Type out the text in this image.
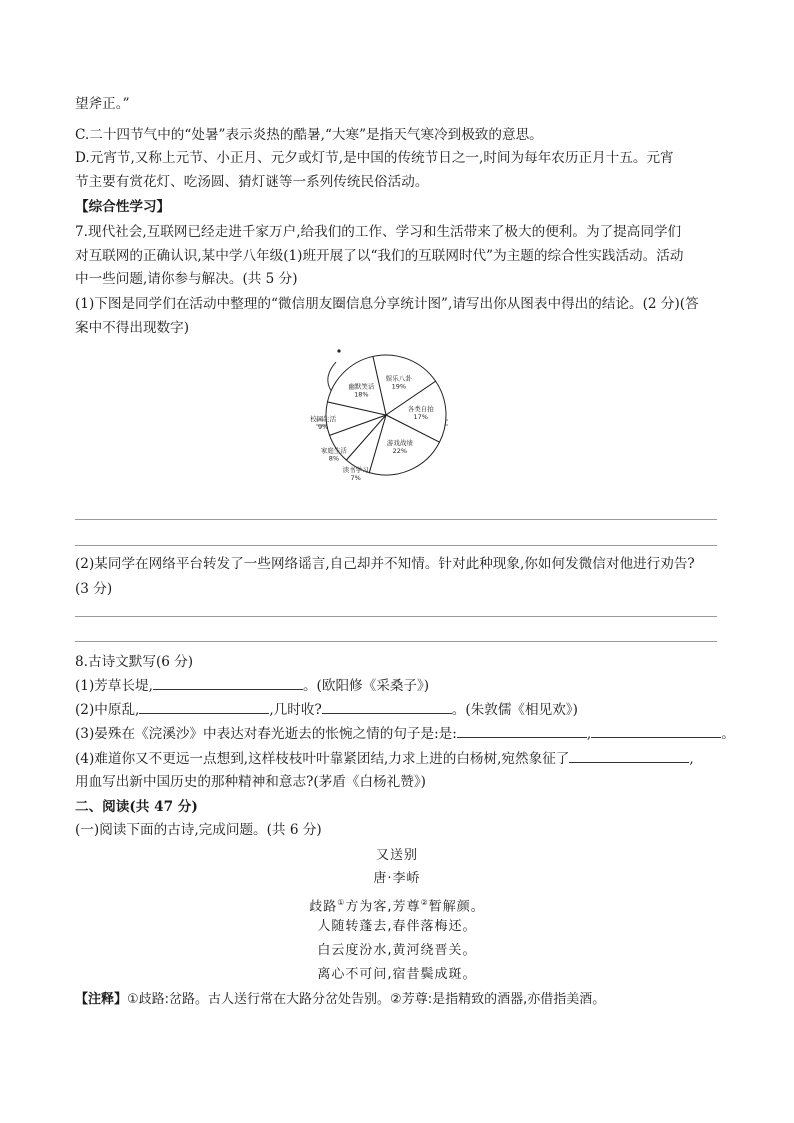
望斧正。”
C.二十四节气中的“处暑”表示炎热的酷暑,“大寒”是指天气寒冷到极致的意思。
D.元宵节,又称上元节、小正月、元夕或灯节,是中国的传统节日之一,时间为每年农历正月十五。元宵
节主要有赏花灯、吃汤圆、猜灯谜等一系列传统民俗活动。
【综合性学习】
7.现代社会,互联网已经走进千家万户,给我们的工作、学习和生活带来了极大的便利。为了提高同学们
对互联网的正确认识,某中学八年级(1)班开展了以“我们的互联网时代”为主题的综合性实践活动。活动
中一些问题,请你参与解决。(共 5 分)
(1)下图是同学们在活动中整理的“微信朋友圈信息分享统计图”,请写出你从图表中得出的结论。(2 分)(答
案中不得出现数字)
娱乐八卦
19%
各类自拍
17%
游戏战绩
22%
读书学习
7%
家庭生活
8%
校园生活
9%
幽默笑话
18%
(2)某同学在网络平台转发了一些网络谣言,自己却并不知情。针对此种现象,你如何发微信对他进行劝告?
(3 分)
8.古诗文默写(6 分)
(1)芳草长堤,	。(欧阳修《采桑子》)
(2)中原乱,	,几时收?	。(朱敦儒《相见欢》)
(3)晏殊在《浣溪沙》中表达对春光逝去的怅惋之情的句子是:是:	,	。
(4)难道你又不更远一点想到,这样枝枝叶叶靠紧团结,力求上进的白杨树,宛然象征了	,
用血写出新中国历史的那种精神和意志?(茅盾《白杨礼赞》)
二、阅读(共 47 分)
(一)阅读下面的古诗,完成问题。(共 6 分)
又送别
唐·李峤
歧路①方为客,芳尊②暂解颜。
人随转蓬去,春伴落梅还。
白云度汾水,黄河绕晋关。
离心不可问,宿昔鬓成斑。
【注释】①歧路:岔路。古人送行常在大路分岔处告别。②芳尊:是指精致的酒器,亦借指美酒。
